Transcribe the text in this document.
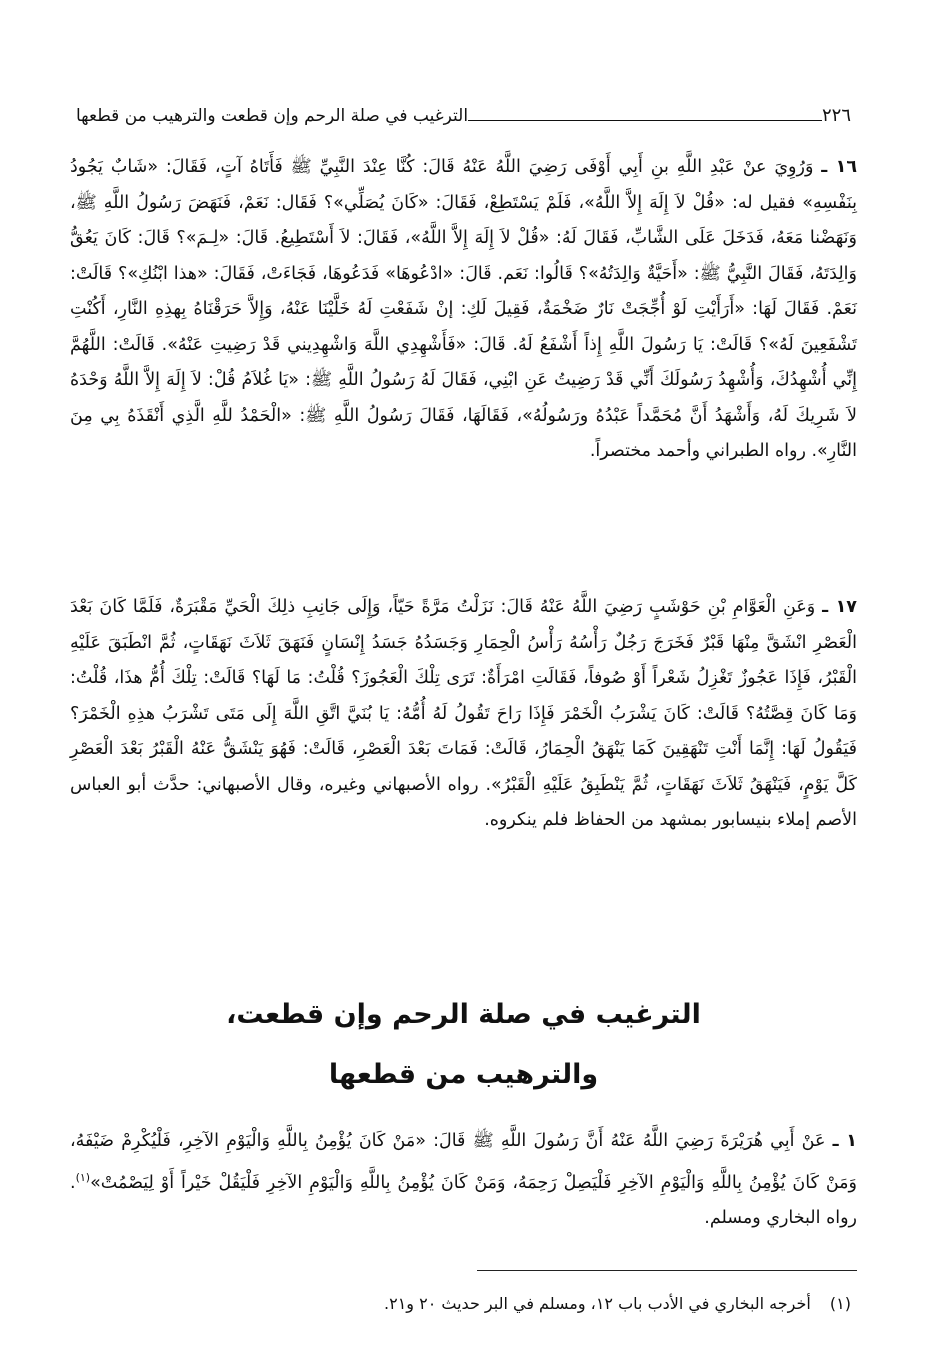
٢٢٦
الترغيب في صلة الرحم وإن قطعت والترهيب من قطعها

١٦ ـ وَرُوِيَ عنْ عَبْدِ اللَّهِ بنِ أَبِي أَوْفَى رَضِيَ اللَّهُ عَنْهُ قَالَ: كُنَّا عِنْدَ النَّبِيِّ ﷺ فَأَتَاهُ آتٍ، فَقَالَ: «شَابٌ يَجُودُ بِنَفْسِهِ» فقيل له: «قُلْ لاَ إِلَهَ إِلاَّ اللَّهُ»، فَلَمْ يَسْتَطِعْ، فَقَالَ: «كَانَ يُصَلِّي»؟ فَقَال: نَعَمْ، فَنَهَضَ رَسُولُ اللَّهِ ﷺ، وَنَهَضْنا مَعَهُ، فَدَخَلَ عَلَى الشَّابِّ، فَقَالَ لَهُ: «قُلْ لاَ إِلَهَ إِلاَّ اللَّهُ»، فَقَالَ: لاَ أَسْتَطِيعُ. قَالَ: «لِـمَ»؟ قَالَ: كَانَ يَعُقُّ وَالِدَتَهُ، فَقَالَ النَّبِيُّ ﷺ: «أَحَيَّةٌ وَالِدَتُهُ»؟ قَالُوا: نَعَم. قَالَ: «ادْعُوهَا» فَدَعُوهَا، فَجَاءَتْ، فَقَالَ: «هذا ابْنُكِ»؟ قَالَتْ: نَعَمْ. فَقَالَ لَهَا: «أَرَأَيْتِ لَوْ أُجِّجَتْ نَارٌ ضَخْمَةٌ، فَقِيلَ لَكِ: إنْ شَفَعْتِ لَهُ خَلَّيْنَا عَنْهُ، وَإِلاَّ حَرَقْنَاهُ بِهذِهِ النَّارِ، أَكُنْتِ تَشْفَعِينَ لَهُ»؟ قَالَتْ: يَا رَسُولَ اللَّهِ إِذاً أَشْفَعُ لَهُ. قَالَ: «فَأَشْهِدِي اللَّهَ وَاشْهِدِيني قَدْ رَضِيتِ عَنْهُ». قَالَتْ: اللَّهُمَّ إِنِّي أُشْهِدُكَ، وَأُشْهِدُ رَسُولَكَ أَنِّي قَدْ رَضِيتُ عَنِ ابْنِي، فَقَالَ لَهُ رَسُولُ اللَّهِ ﷺ: «يَا غُلاَمُ قُلْ: لاَ إِلَهَ إِلاَّ اللَّهُ وَحْدَهُ لاَ شَرِيكَ لَهُ، وَأَشْهَدُ أَنَّ مُحَمَّداً عَبْدُهُ ورَسُولُهُ»، فَقَالَهَا، فَقَالَ رَسُولُ اللَّهِ ﷺ: «الْحَمْدُ للَّهِ الَّذِي أَنْقَذَهُ بِي مِنَ النَّارِ». رواه الطبراني وأحمد مختصراً.

١٧ ـ وَعَنِ الْعَوَّامِ بْنِ حَوْشَبٍ رَضِيَ اللَّهُ عَنْهُ قَالَ: نَزَلْتُ مَرَّةً حَيّاً، وَإِلَى جَانِبِ ذلِكَ الْحَيِّ مَقْبَرَةٌ، فَلَمَّا كَانَ بَعْدَ الْعَصْرِ انْشَقَّ مِنْهَا قَبْرٌ فَخَرَجَ رَجُلٌ رَأْسُهُ رَأْسُ الْحِمَارِ وَجَسَدُهُ جَسَدُ إِنْسَانٍ فَنَهَقَ ثَلاَثَ نَهَقَاتٍ، ثُمَّ انْطَبَقَ عَلَيْهِ الْقَبْرُ، فَإِذَا عَجُوزٌ تَغْزِلُ شَعْراً أَوْ صُوفاً، فَقَالَتِ امْرَأَةٌ: تَرَى تِلْكَ الْعَجُوزَ؟ قُلْتُ: مَا لَهَا؟ قَالَتْ: تِلْكَ أُمُّ هذَا، قُلْتُ: وَمَا كَانَ قِصَّتُهُ؟ قَالَتْ: كَانَ يَشْرَبُ الْخَمْرَ فَإِذَا رَاحَ تَقُولُ لَهُ أُمُّهُ: يَا بُنَيَّ اتَّقِ اللَّهَ إِلَى مَتَى تَشْرَبُ هذِهِ الْخَمْرَ؟ فَيَقُولُ لَهَا: إِنَّمَا أَنْتِ تَنْهَقِينَ كَمَا يَنْهَقُ الْحِمَارُ، قَالَتْ: فَمَاتَ بَعْدَ الْعَصْرِ، قَالَتْ: فَهُوَ يَنْشَقُّ عَنْهُ الْقَبْرُ بَعْدَ الْعَصْرِ كَلَّ يَوْمٍ، فَيَنْهَقُ ثَلاَثَ نَهَقَاتٍ، ثُمَّ يَنْطَبِقُ عَلَيْهِ الْقَبْرُ». رواه الأصبهاني وغيره، وقال الأصبهاني: حدَّث أبو العباس الأصم إملاء بنيسابور بمشهد من الحفاظ فلم ينكروه.

الترغيب في صلة الرحم وإن قطعت،
والترهيب من قطعها

١ ـ عَنْ أَبِي هُرَيْرَةَ رَضِيَ اللَّهُ عَنْهُ أَنَّ رَسُولَ اللَّهِ ﷺ قَالَ: «مَنْ كَانَ يُؤْمِنُ بِاللَّهِ وَالْيَوْمِ الآخِرِ، فَلْيُكْرِمْ ضَيْفَهُ، وَمَنْ كَانَ يُؤْمِنُ بِاللَّهِ وَالْيَوْمِ الآخِرِ فَلْيَصِلْ رَحِمَهُ، وَمَنْ كَانَ يُؤْمِنُ بِاللَّهِ وَالْيَوْمِ الآخِرِ فَلْيَقُلْ خَيْراً أَوْ لِيَصْمُتْ»$^{(١)}$. رواه البخاري ومسلم.

(١) أخرجه البخاري في الأدب باب ١٢، ومسلم في البر حديث ٢٠ و٢١.
